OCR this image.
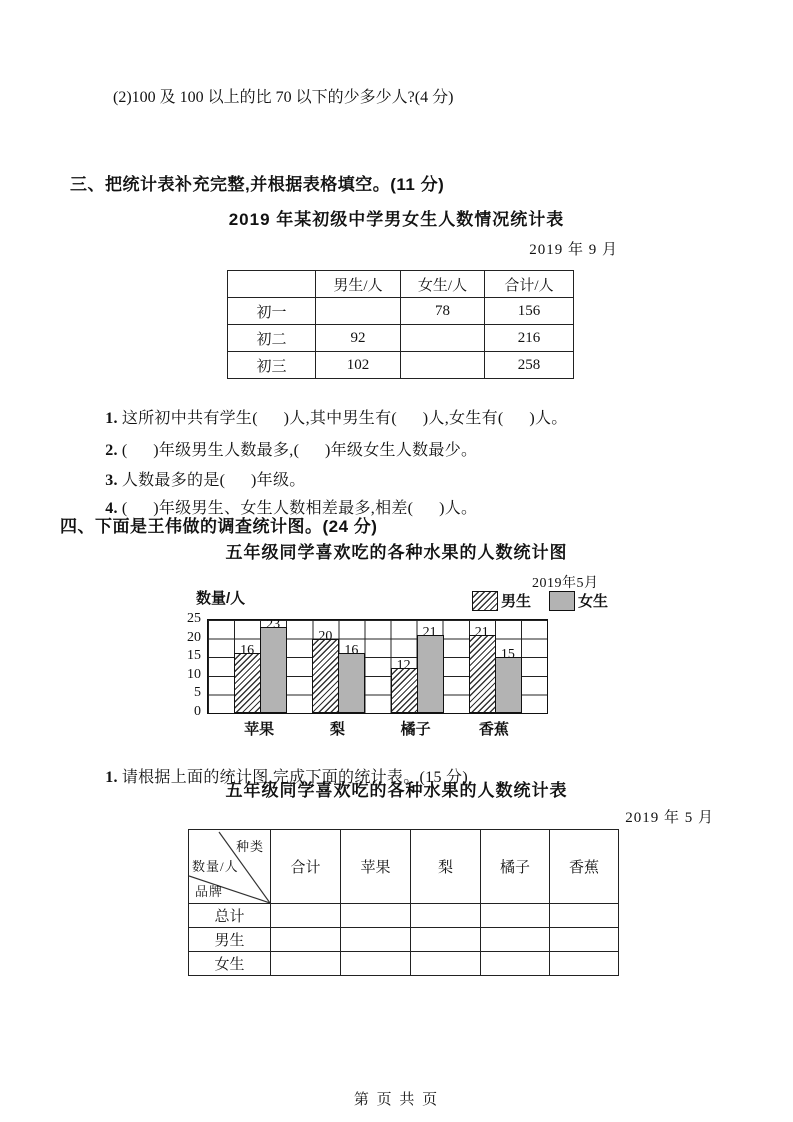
(2)100 及 100 以上的比 70 以下的少多少人?(4 分)
三、把统计表补充完整,并根据表格填空。(11 分)
2019 年某初级中学男女生人数情况统计表
2019 年 9 月
	男生/人	女生/人	合计/人
初一		78	156
初二	92		216
初三	102		258

1. 这所初中共有学生(      )人,其中男生有(      )人,女生有(      )人。

2. (      )年级男生人数最多,(      )年级女生人数最少。

3. 人数最多的是(      )年级。

4. (      )年级男生、女生人数相差最多,相差(      )人。

四、下面是王伟做的调查统计图。(24 分)
五年级同学喜欢吃的各种水果的人数统计图
2019年5月
男生	女生
数量/人
16
23
20
16
12
21	21
15
0
5
10
15
20
25
苹果	梨	橘子	香蕉

1. 请根据上面的统计图,完成下面的统计表。(15 分)

五年级同学喜欢吃的各种水果的人数统计表
2019 年 5 月
种类
数量/人
品牌	合计	苹果	梨	橘子	香蕉
总计					
男生					
女生					
第 页 共 页
